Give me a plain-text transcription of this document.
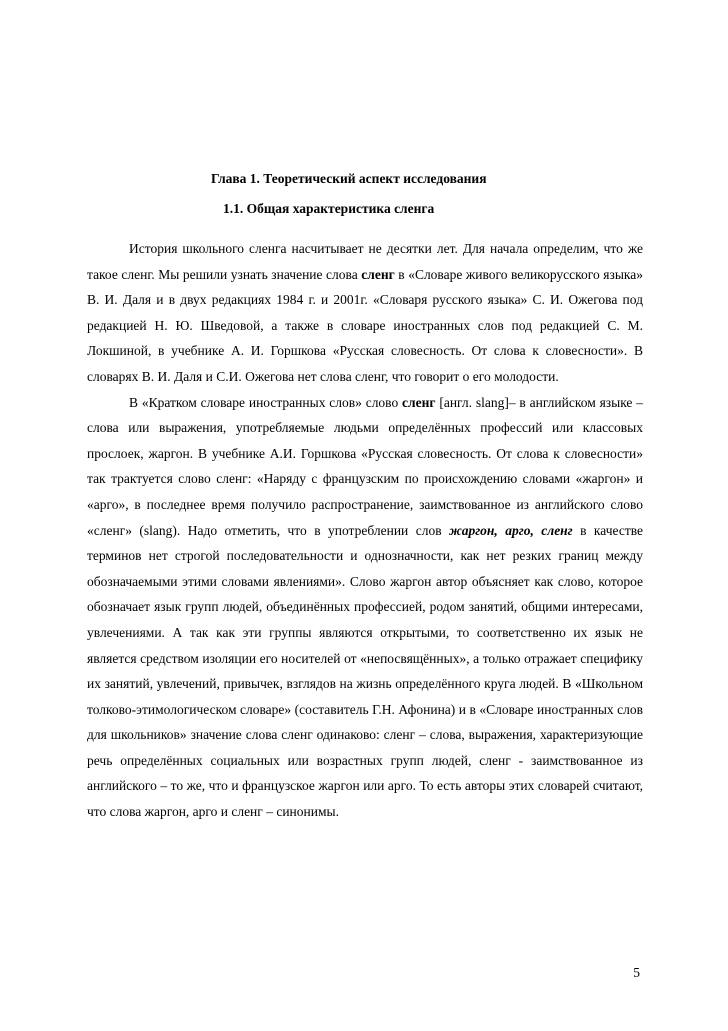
Глава 1. Теоретический аспект исследования
1.1. Общая характеристика сленга

История школьного сленга насчитывает не десятки лет. Для начала определим, что же такое сленг. Мы решили узнать значение слова сленг в «Словаре живого великорусского языка» В. И. Даля и в двух редакциях 1984 г. и 2001г. «Словаря русского языка» С. И. Ожегова под редакцией Н. Ю. Шведовой, а также в словаре иностранных слов под редакцией С. М. Локшиной, в учебнике А. И. Горшкова «Русская словесность. От слова к словесности». В словарях В. И. Даля и С.И. Ожегова нет слова сленг, что говорит о его молодости.

В «Кратком словаре иностранных слов» слово сленг [англ. slang]– в английском языке – слова или выражения, употребляемые людьми определённых профессий или классовых прослоек, жаргон. В учебнике А.И. Горшкова «Русская словесность. От слова к словесности» так трактуется слово сленг: «Наряду с французским по происхождению словами «жаргон» и «арго», в последнее время получило распространение, заимствованное из английского слово «сленг» (slang). Надо отметить, что в употреблении слов жаргон, арго, сленг в качестве терминов нет строгой последовательности и однозначности, как нет резких границ между обозначаемыми этими словами явлениями». Слово жаргон автор объясняет как слово, которое обозначает язык групп людей, объединённых профессией, родом занятий, общими интересами, увлечениями. А так как эти группы являются открытыми, то соответственно их язык не является средством изоляции его носителей от «непосвящённых», а только отражает специфику их занятий, увлечений, привычек, взглядов на жизнь определённого круга людей. В «Школьном толково-этимологическом словаре» (составитель Г.Н. Афонина) и в «Словаре иностранных слов для школьников» значение слова сленг одинаково: сленг – слова, выражения, характеризующие речь определённых социальных или возрастных групп людей, сленг - заимствованное из английского – то же, что и французское жаргон или арго. То есть авторы этих словарей считают, что слова жаргон, арго и сленг – синонимы.

5
